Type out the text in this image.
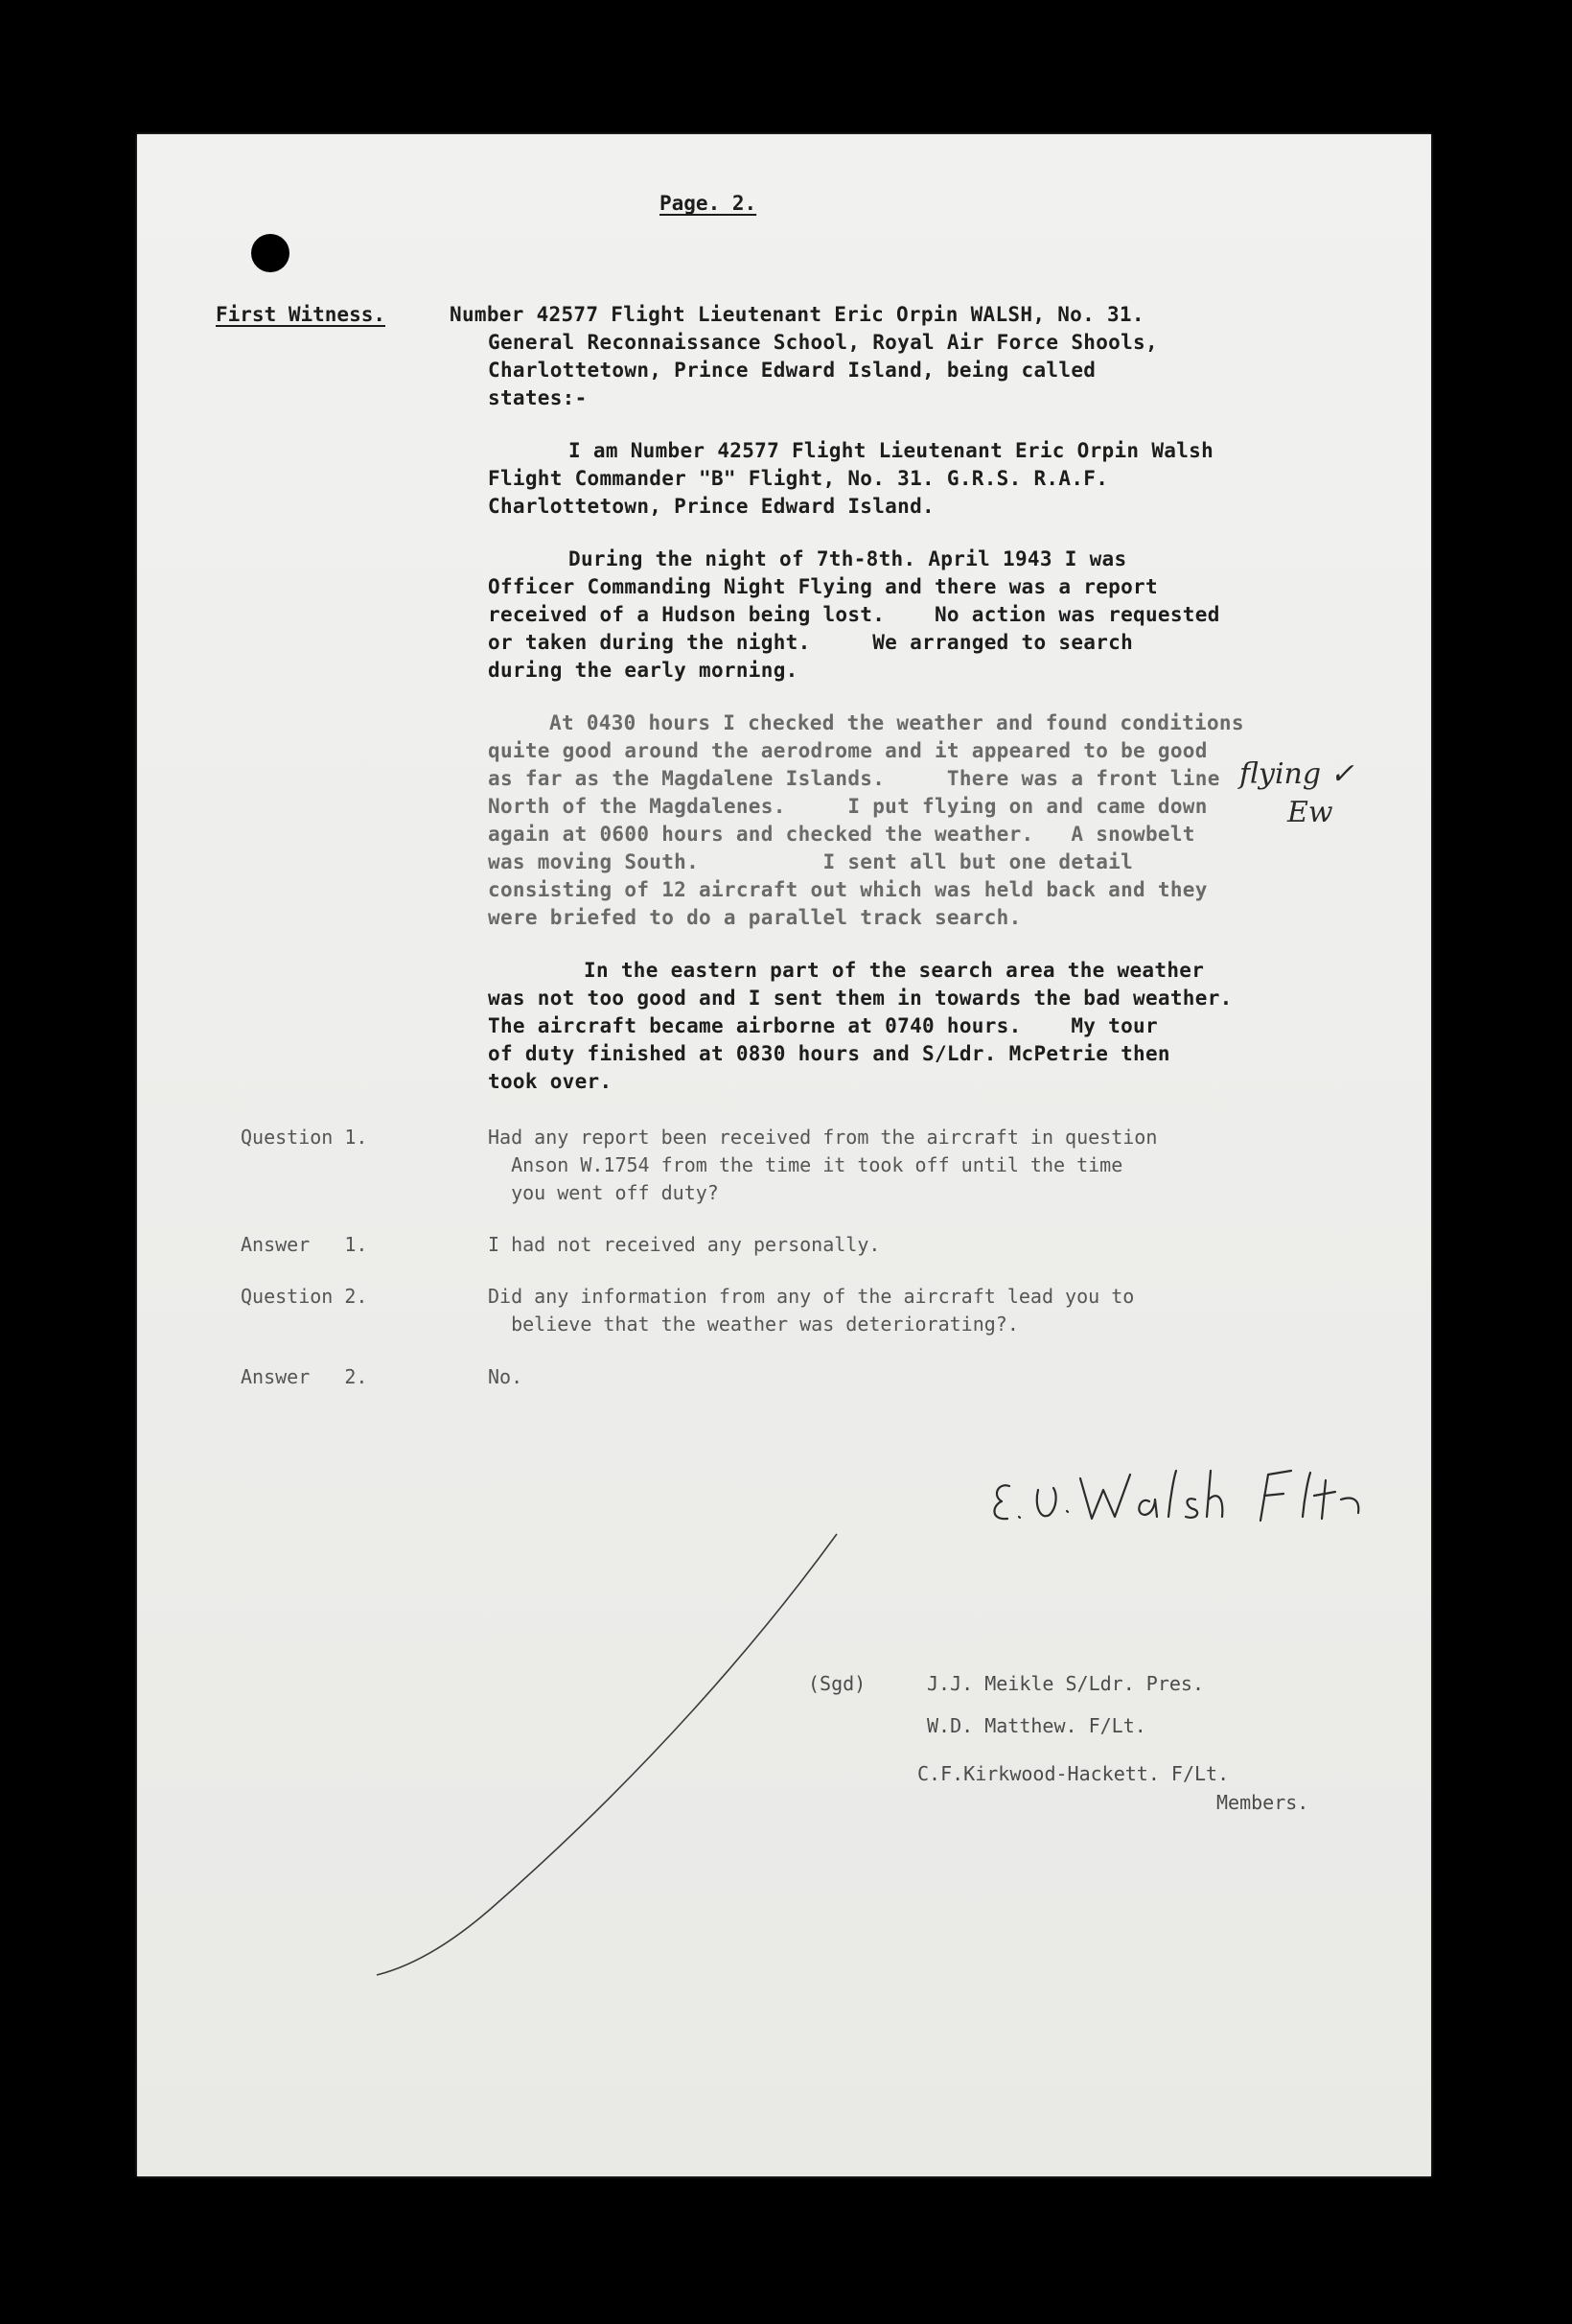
Page. 2.
First Witness.	Number 42577 Flight Lieutenant Eric Orpin WALSH, No. 31.
General Reconnaissance School, Royal Air Force Shools,
Charlottetown, Prince Edward Island, being called
states:-
I am Number 42577 Flight Lieutenant Eric Orpin Walsh
Flight Commander "B" Flight, No. 31. G.R.S. R.A.F.
Charlottetown, Prince Edward Island.
During the night of 7th-8th. April 1943 I was
Officer Commanding Night Flying and there was a report
received of a Hudson being lost.    No action was requested
or taken during the night.     We arranged to search
during the early morning.
At 0430 hours I checked the weather and found conditions
quite good around the aerodrome and it appeared to be good
as far as the Magdalene Islands.     There was a front line
North of the Magdalenes.     I put flying on and came down
again at 0600 hours and checked the weather.   A snowbelt
was moving South.          I sent all but one detail
consisting of 12 aircraft out which was held back and they
were briefed to do a parallel track search.
flying ✓
Ew
In the eastern part of the search area the weather
was not too good and I sent them in towards the bad weather.
The aircraft became airborne at 0740 hours.    My tour
of duty finished at 0830 hours and S/Ldr. McPetrie then
took over.
Question 1.	Had any report been received from the aircraft in question
Anson W.1754 from the time it took off until the time
you went off duty?
Answer   1.	I had not received any personally.
Question 2.	Did any information from any of the aircraft lead you to
believe that the weather was deteriorating?.
Answer   2.	No.
(Sgd)	J.J. Meikle S/Ldr. Pres.
W.D. Matthew. F/Lt.
C.F.Kirkwood-Hackett. F/Lt.
Members.
